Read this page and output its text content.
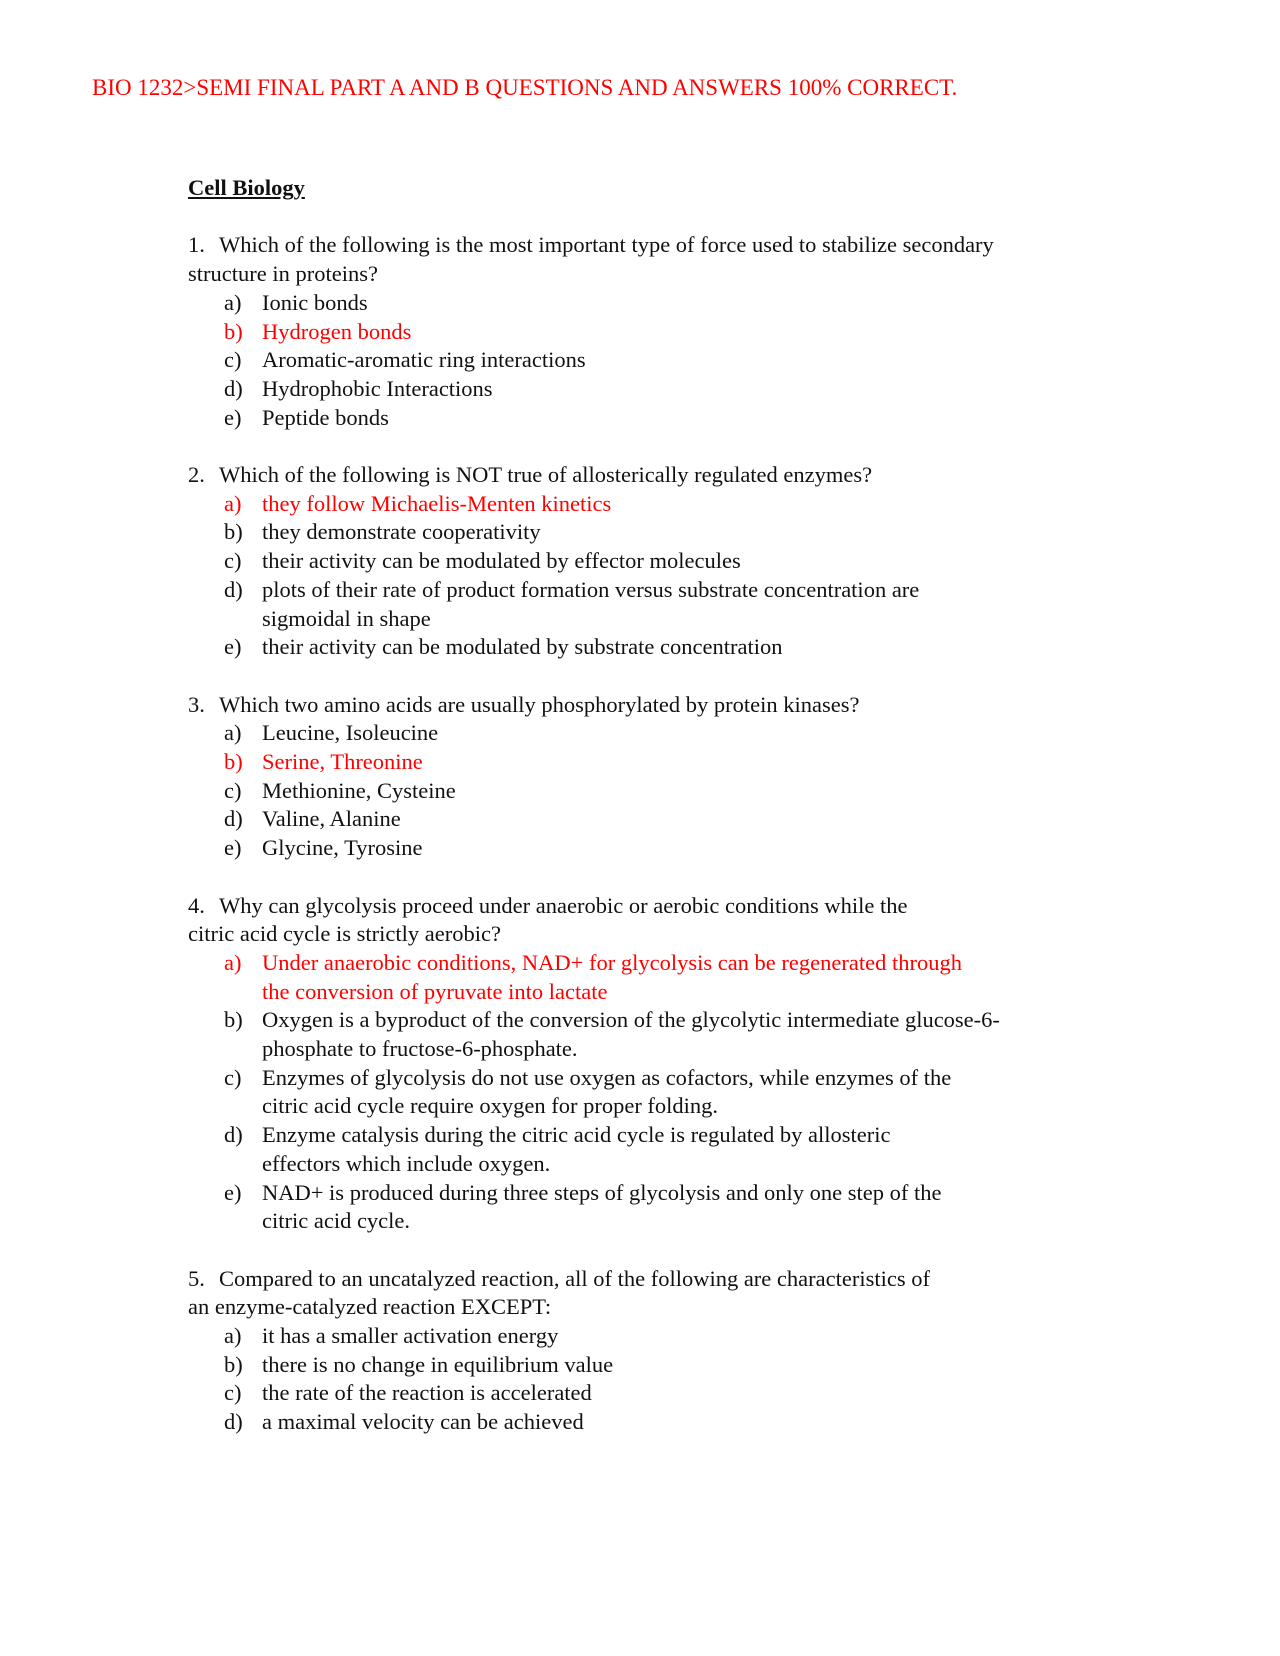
BIO 1232>SEMI FINAL PART A AND B QUESTIONS AND ANSWERS 100% CORRECT.

Cell Biology

1. Which of the following is the most important type of force used to stabilize secondary
structure in proteins?
a) Ionic bonds
b) Hydrogen bonds
c) Aromatic-aromatic ring interactions
d) Hydrophobic Interactions
e) Peptide bonds
2. Which of the following is NOT true of allosterically regulated enzymes?
a) they follow Michaelis-Menten kinetics
b) they demonstrate cooperativity
c) their activity can be modulated by effector molecules
d) plots of their rate of product formation versus substrate concentration are
sigmoidal in shape
e) their activity can be modulated by substrate concentration
3. Which two amino acids are usually phosphorylated by protein kinases?
a) Leucine, Isoleucine
b) Serine, Threonine
c) Methionine, Cysteine
d) Valine, Alanine
e) Glycine, Tyrosine
4. Why can glycolysis proceed under anaerobic or aerobic conditions while the
citric acid cycle is strictly aerobic?
a) Under anaerobic conditions, NAD+ for glycolysis can be regenerated through
the conversion of pyruvate into lactate
b) Oxygen is a byproduct of the conversion of the glycolytic intermediate glucose-6-
phosphate to fructose-6-phosphate.
c) Enzymes of glycolysis do not use oxygen as cofactors, while enzymes of the
citric acid cycle require oxygen for proper folding.
d) Enzyme catalysis during the citric acid cycle is regulated by allosteric
effectors which include oxygen.
e) NAD+ is produced during three steps of glycolysis and only one step of the
citric acid cycle.
5. Compared to an uncatalyzed reaction, all of the following are characteristics of
an enzyme-catalyzed reaction EXCEPT:
a) it has a smaller activation energy
b) there is no change in equilibrium value
c) the rate of the reaction is accelerated
d) a maximal velocity can be achieved
